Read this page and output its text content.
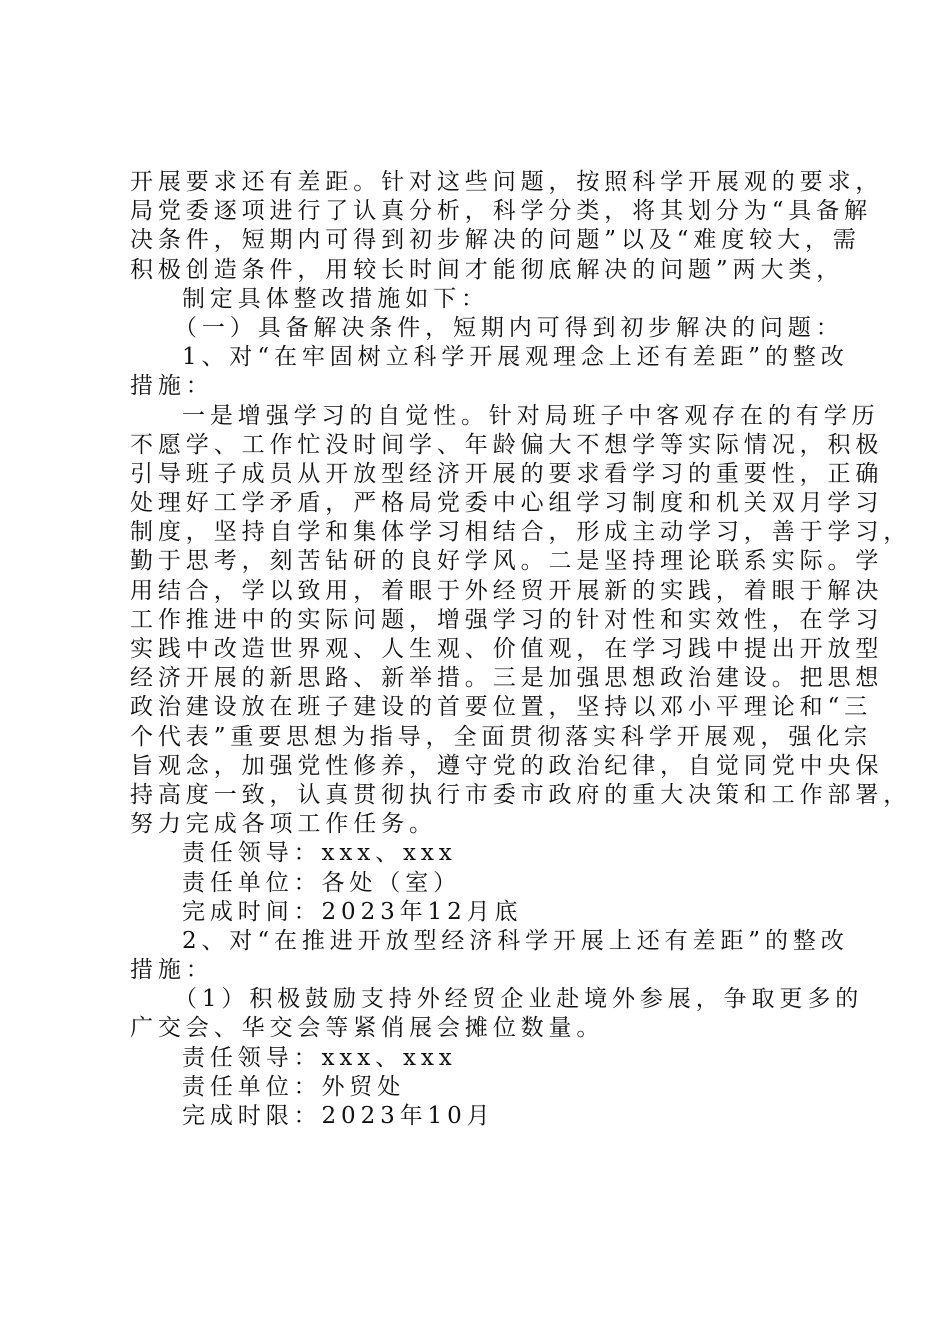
开展要求还有差距。针对这些问题，按照科学开展观的要求，
局党委逐项进行了认真分析，科学分类，将其划分为“具备解
决条件，短期内可得到初步解决的问题”以及“难度较大，需
积极创造条件，用较长时间才能彻底解决的问题”两大类，
制定具体整改措施如下：
（一）具备解决条件，短期内可得到初步解决的问题：
1、对“在牢固树立科学开展观理念上还有差距”的整改
措施：
一是增强学习的自觉性。针对局班子中客观存在的有学历
不愿学、工作忙没时间学、年龄偏大不想学等实际情况，积极
引导班子成员从开放型经济开展的要求看学习的重要性，正确
处理好工学矛盾，严格局党委中心组学习制度和机关双月学习
制度，坚持自学和集体学习相结合，形成主动学习，善于学习，
勤于思考，刻苦钻研的良好学风。二是坚持理论联系实际。学
用结合，学以致用，着眼于外经贸开展新的实践，着眼于解决
工作推进中的实际问题，增强学习的针对性和实效性，在学习
实践中改造世界观、人生观、价值观，在学习践中提出开放型
经济开展的新思路、新举措。三是加强思想政治建设。把思想
政治建设放在班子建设的首要位置，坚持以邓小平理论和“三
个代表”重要思想为指导，全面贯彻落实科学开展观，强化宗
旨观念，加强党性修养，遵守党的政治纪律，自觉同党中央保
持高度一致，认真贯彻执行市委市政府的重大决策和工作部署，
努力完成各项工作任务。
责任领导：xxx、xxx
责任单位：各处（室）
完成时间：2023年12月底
2、对“在推进开放型经济科学开展上还有差距”的整改
措施：
（1）积极鼓励支持外经贸企业赴境外参展，争取更多的
广交会、华交会等紧俏展会摊位数量。
责任领导：xxx、xxx
责任单位：外贸处
完成时限：2023年10月
